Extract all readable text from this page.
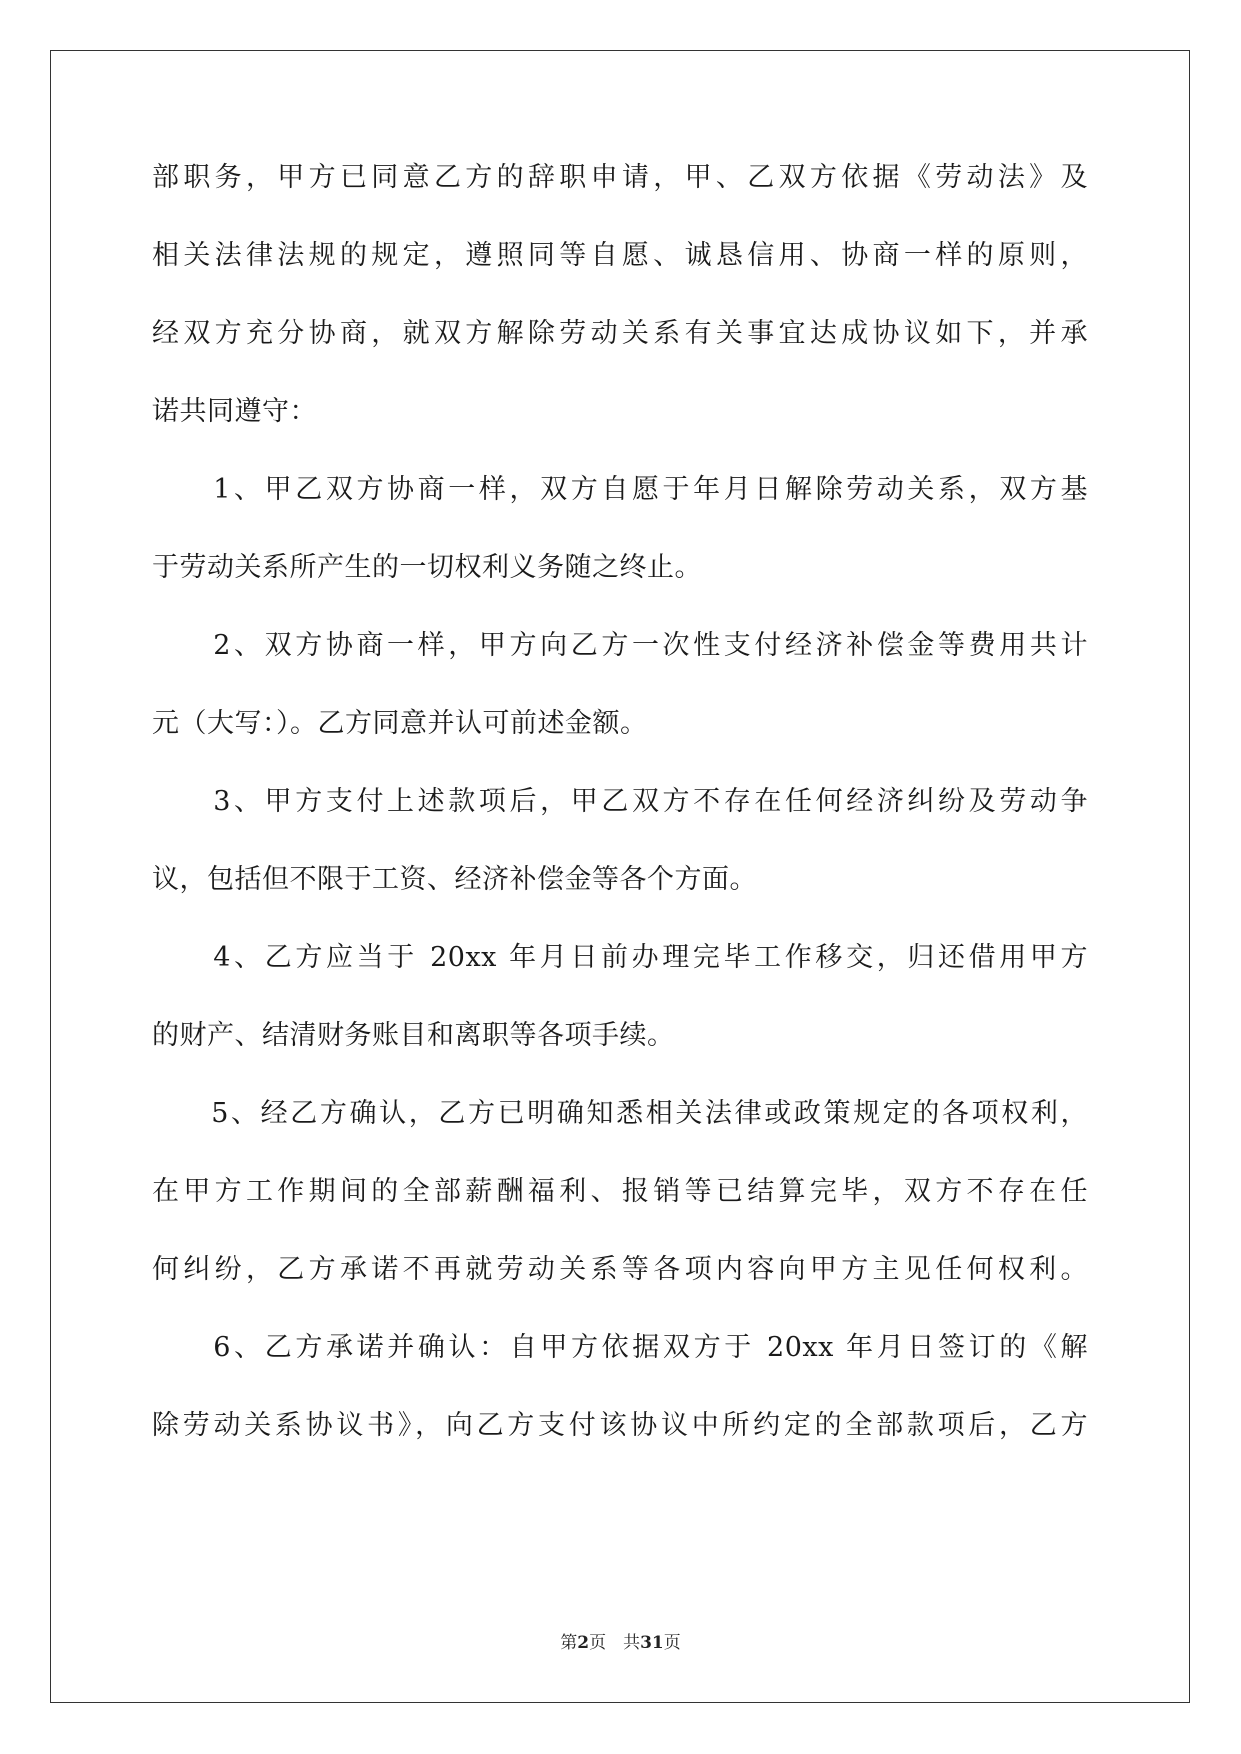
部职务，甲方已同意乙方的辞职申请，甲、乙双方依据《劳动法》及
相关法律法规的规定，遵照同等自愿、诚恳信用、协商一样的原则，
经双方充分协商，就双方解除劳动关系有关事宜达成协议如下，并承
诺共同遵守：
　　1、甲乙双方协商一样，双方自愿于年月日解除劳动关系，双方基
于劳动关系所产生的一切权利义务随之终止。
　　2、双方协商一样，甲方向乙方一次性支付经济补偿金等费用共计
元（大写：）。乙方同意并认可前述金额。
　　3、甲方支付上述款项后，甲乙双方不存在任何经济纠纷及劳动争
议，包括但不限于工资、经济补偿金等各个方面。
　　4、乙方应当于 20xx 年月日前办理完毕工作移交，归还借用甲方
的财产、结清财务账目和离职等各项手续。
　　5、经乙方确认，乙方已明确知悉相关法律或政策规定的各项权利，
在甲方工作期间的全部薪酬福利、报销等已结算完毕，双方不存在任
何纠纷，乙方承诺不再就劳动关系等各项内容向甲方主见任何权利。
　　6、乙方承诺并确认：自甲方依据双方于 20xx 年月日签订的《解
除劳动关系协议书》，向乙方支付该协议中所约定的全部款项后，乙方
第2页　共31页
